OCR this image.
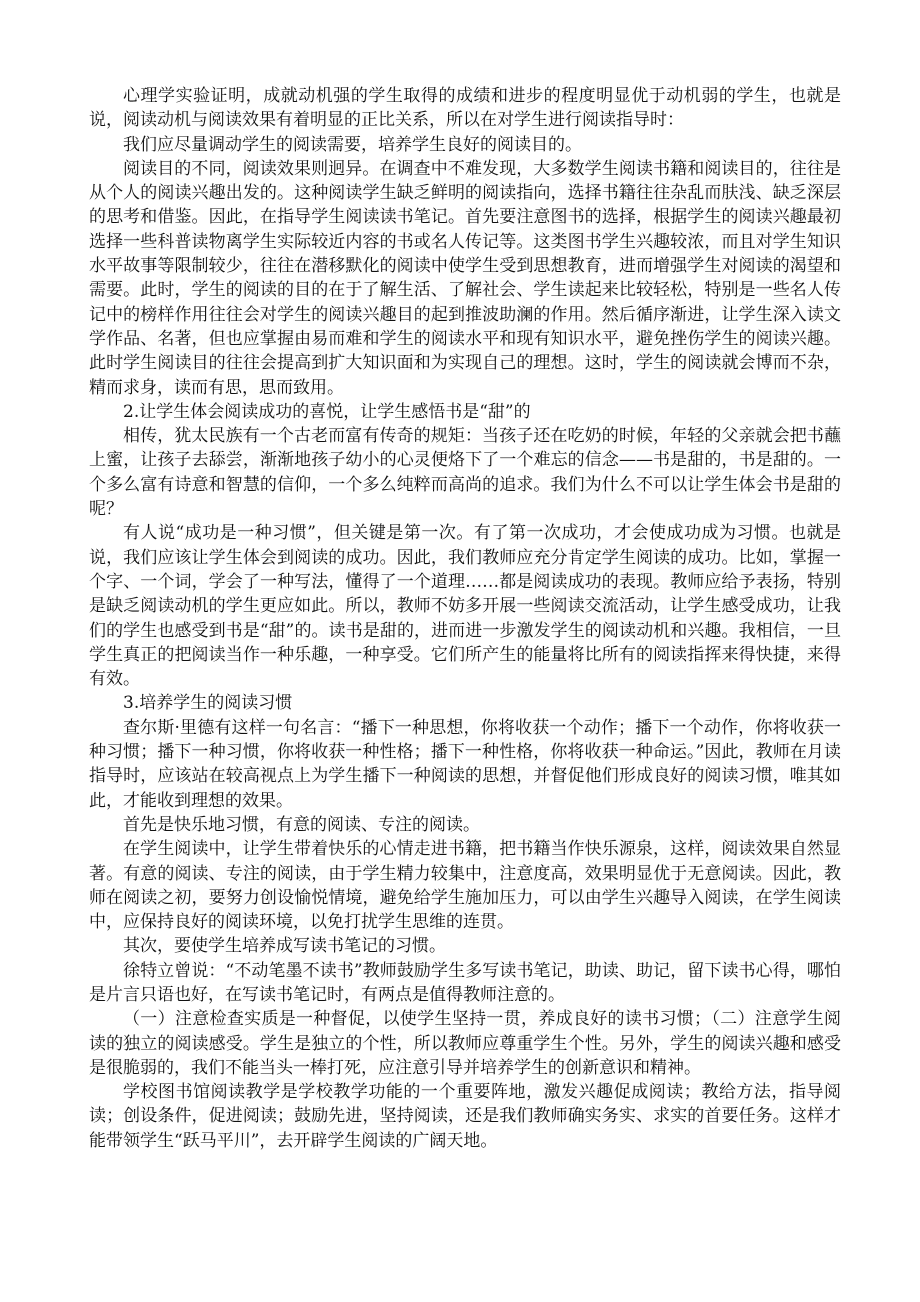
心理学实验证明，成就动机强的学生取得的成绩和进步的程度明显优于动机弱的学生，也就是说，阅读动机与阅读效果有着明显的正比关系，所以在对学生进行阅读指导时：

我们应尽量调动学生的阅读需要，培养学生良好的阅读目的。

阅读目的不同，阅读效果则迥异。在调查中不难发现，大多数学生阅读书籍和阅读目的，往往是从个人的阅读兴趣出发的。这种阅读学生缺乏鲜明的阅读指向，选择书籍往往杂乱而肤浅、缺乏深层的思考和借鉴。因此，在指导学生阅读读书笔记。首先要注意图书的选择，根据学生的阅读兴趣最初选择一些科普读物离学生实际较近内容的书或名人传记等。这类图书学生兴趣较浓，而且对学生知识水平故事等限制较少，往往在潜移默化的阅读中使学生受到思想教育，进而增强学生对阅读的渴望和需要。此时，学生的阅读的目的在于了解生活、了解社会、学生读起来比较轻松，特别是一些名人传记中的榜样作用往往会对学生的阅读兴趣目的起到推波助澜的作用。然后循序渐进，让学生深入读文学作品、名著，但也应掌握由易而难和学生的阅读水平和现有知识水平，避免挫伤学生的阅读兴趣。此时学生阅读目的往往会提高到扩大知识面和为实现自己的理想。这时，学生的阅读就会博而不杂，精而求身，读而有思，思而致用。

2.让学生体会阅读成功的喜悦，让学生感悟书是“甜”的

相传，犹太民族有一个古老而富有传奇的规矩：当孩子还在吃奶的时候，年轻的父亲就会把书蘸上蜜，让孩子去舔尝，渐渐地孩子幼小的心灵便烙下了一个难忘的信念——书是甜的，书是甜的。一个多么富有诗意和智慧的信仰，一个多么纯粹而高尚的追求。我们为什么不可以让学生体会书是甜的呢？

有人说“成功是一种习惯”，但关键是第一次。有了第一次成功，才会使成功成为习惯。也就是说，我们应该让学生体会到阅读的成功。因此，我们教师应充分肯定学生阅读的成功。比如，掌握一个字、一个词，学会了一种写法，懂得了一个道理……都是阅读成功的表现。教师应给予表扬，特别是缺乏阅读动机的学生更应如此。所以，教师不妨多开展一些阅读交流活动，让学生感受成功，让我们的学生也感受到书是“甜”的。读书是甜的，进而进一步激发学生的阅读动机和兴趣。我相信，一旦学生真正的把阅读当作一种乐趣，一种享受。它们所产生的能量将比所有的阅读指挥来得快捷，来得有效。

3.培养学生的阅读习惯

查尔斯·里德有这样一句名言：“播下一种思想，你将收获一个动作；播下一个动作，你将收获一种习惯；播下一种习惯，你将收获一种性格；播下一种性格，你将收获一种命运。”因此，教师在月读指导时，应该站在较高视点上为学生播下一种阅读的思想，并督促他们形成良好的阅读习惯，唯其如此，才能收到理想的效果。

首先是快乐地习惯，有意的阅读、专注的阅读。

在学生阅读中，让学生带着快乐的心情走进书籍，把书籍当作快乐源泉，这样，阅读效果自然显著。有意的阅读、专注的阅读，由于学生精力较集中，注意度高，效果明显优于无意阅读。因此，教师在阅读之初，要努力创设愉悦情境，避免给学生施加压力，可以由学生兴趣导入阅读，在学生阅读中，应保持良好的阅读环境，以免打扰学生思维的连贯。

其次，要使学生培养成写读书笔记的习惯。

徐特立曾说：“不动笔墨不读书”教师鼓励学生多写读书笔记，助读、助记，留下读书心得，哪怕是片言只语也好，在写读书笔记时，有两点是值得教师注意的。

（一）注意检查实质是一种督促，以使学生坚持一贯，养成良好的读书习惯；（二）注意学生阅读的独立的阅读感受。学生是独立的个性，所以教师应尊重学生个性。另外，学生的阅读兴趣和感受是很脆弱的，我们不能当头一棒打死，应注意引导并培养学生的创新意识和精神。

学校图书馆阅读教学是学校教学功能的一个重要阵地，激发兴趣促成阅读；教给方法，指导阅读；创设条件，促进阅读；鼓励先进，坚持阅读，还是我们教师确实务实、求实的首要任务。这样才能带领学生“跃马平川”，去开辟学生阅读的广阔天地。
